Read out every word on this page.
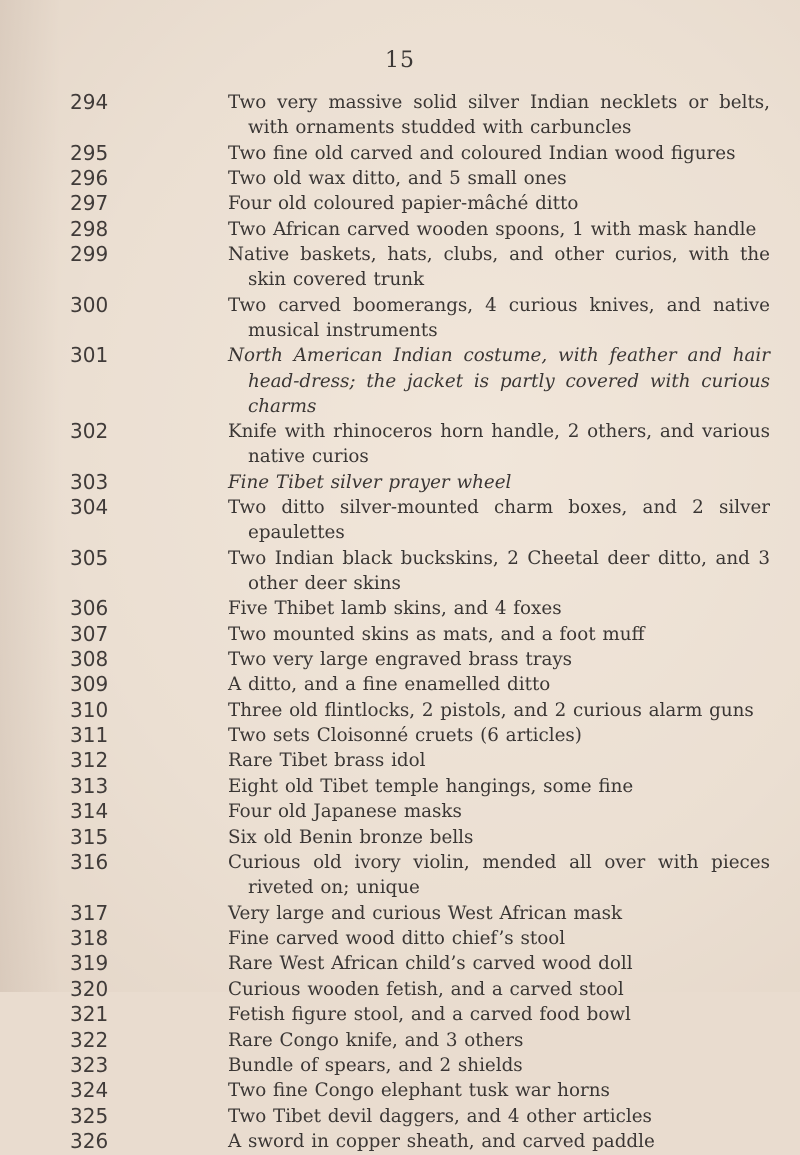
15
294	Two very massive solid silver Indian necklets or belts, with ornaments studded with carbuncles
295	Two fine old carved and coloured Indian wood figures
296	Two old wax ditto, and 5 small ones
297	Four old coloured papier-mâché ditto
298	Two African carved wooden spoons, 1 with mask handle
299	Native baskets, hats, clubs, and other curios, with the skin covered trunk
300	Two carved boomerangs, 4 curious knives, and native musical instruments
301	North American Indian costume, with feather and hair head-dress; the jacket is partly covered with curious charms
302	Knife with rhinoceros horn handle, 2 others, and various native curios
303	Fine Tibet silver prayer wheel
304	Two ditto silver-mounted charm boxes, and 2 silver epaulettes
305	Two Indian black buckskins, 2 Cheetal deer ditto, and 3 other deer skins
306	Five Thibet lamb skins, and 4 foxes
307	Two mounted skins as mats, and a foot muff
308	Two very large engraved brass trays
309	A ditto, and a fine enamelled ditto
310	Three old flintlocks, 2 pistols, and 2 curious alarm guns
311	Two sets Cloisonné cruets (6 articles)
312	Rare Tibet brass idol
313	Eight old Tibet temple hangings, some fine
314	Four old Japanese masks
315	Six old Benin bronze bells
316	Curious old ivory violin, mended all over with pieces riveted on; unique
317	Very large and curious West African mask
318	Fine carved wood ditto chief’s stool
319	Rare West African child’s carved wood doll
320	Curious wooden fetish, and a carved stool
321	Fetish figure stool, and a carved food bowl
322	Rare Congo knife, and 3 others
323	Bundle of spears, and 2 shields
324	Two fine Congo elephant tusk war horns
325	Two Tibet devil daggers, and 4 other articles
326	A sword in copper sheath, and carved paddle
